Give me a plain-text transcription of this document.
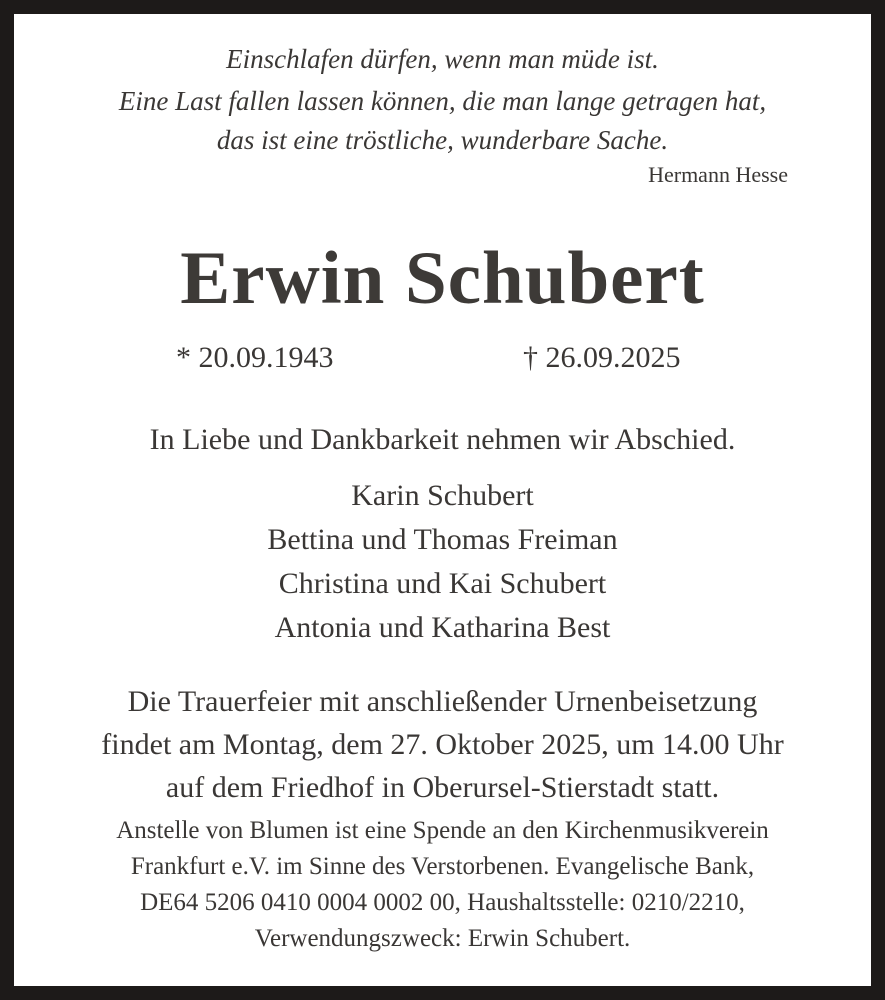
Einschlafen dürfen, wenn man müde ist.
Eine Last fallen lassen können, die man lange getragen hat,
das ist eine tröstliche, wunderbare Sache.
Hermann Hesse
Erwin Schubert
* 20.09.1943	† 26.09.2025
In Liebe und Dankbarkeit nehmen wir Abschied.
Karin Schubert
Bettina und Thomas Freiman
Christina und Kai Schubert
Antonia und Katharina Best
Die Trauerfeier mit anschließender Urnenbeisetzung
findet am Montag, dem 27. Oktober 2025, um 14.00 Uhr
auf dem Friedhof in Oberursel-Stierstadt statt.
Anstelle von Blumen ist eine Spende an den Kirchenmusikverein
Frankfurt e.V. im Sinne des Verstorbenen. Evangelische Bank,
DE64 5206 0410 0004 0002 00, Haushaltsstelle: 0210/2210,
Verwendungszweck: Erwin Schubert.
